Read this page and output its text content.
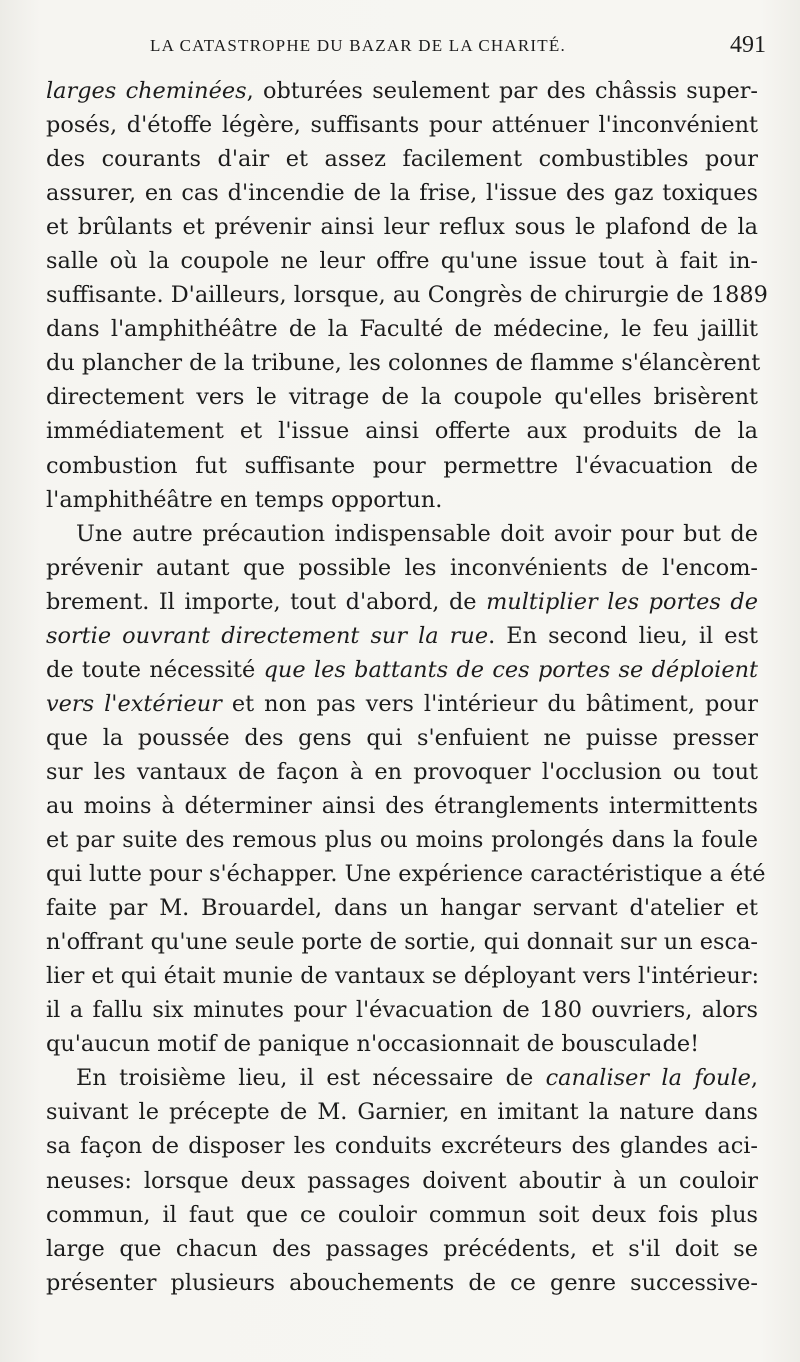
LA CATASTROPHE DU BAZAR DE LA CHARITÉ.	491
larges cheminées, obturées seulement par des châssis super-
posés, d'étoffe légère, suffisants pour atténuer l'inconvénient
des courants d'air et assez facilement combustibles pour
assurer, en cas d'incendie de la frise, l'issue des gaz toxiques
et brûlants et prévenir ainsi leur reflux sous le plafond de la
salle où la coupole ne leur offre qu'une issue tout à fait in-
suffisante. D'ailleurs, lorsque, au Congrès de chirurgie de 1889
dans l'amphithéâtre de la Faculté de médecine, le feu jaillit
du plancher de la tribune, les colonnes de flamme s'élancèrent
directement vers le vitrage de la coupole qu'elles brisèrent
immédiatement et l'issue ainsi offerte aux produits de la
combustion fut suffisante pour permettre l'évacuation de
l'amphithéâtre en temps opportun.
Une autre précaution indispensable doit avoir pour but de
prévenir autant que possible les inconvénients de l'encom-
brement. Il importe, tout d'abord, de multiplier les portes de
sortie ouvrant directement sur la rue. En second lieu, il est
de toute nécessité que les battants de ces portes se déploient
vers l'extérieur et non pas vers l'intérieur du bâtiment, pour
que la poussée des gens qui s'enfuient ne puisse presser
sur les vantaux de façon à en provoquer l'occlusion ou tout
au moins à déterminer ainsi des étranglements intermittents
et par suite des remous plus ou moins prolongés dans la foule
qui lutte pour s'échapper. Une expérience caractéristique a été
faite par M. Brouardel, dans un hangar servant d'atelier et
n'offrant qu'une seule porte de sortie, qui donnait sur un esca-
lier et qui était munie de vantaux se déployant vers l'intérieur:
il a fallu six minutes pour l'évacuation de 180 ouvriers, alors
qu'aucun motif de panique n'occasionnait de bousculade!
En troisième lieu, il est nécessaire de canaliser la foule,
suivant le précepte de M. Garnier, en imitant la nature dans
sa façon de disposer les conduits excréteurs des glandes aci-
neuses: lorsque deux passages doivent aboutir à un couloir
commun, il faut que ce couloir commun soit deux fois plus
large que chacun des passages précédents, et s'il doit se
présenter plusieurs abouchements de ce genre successive-
